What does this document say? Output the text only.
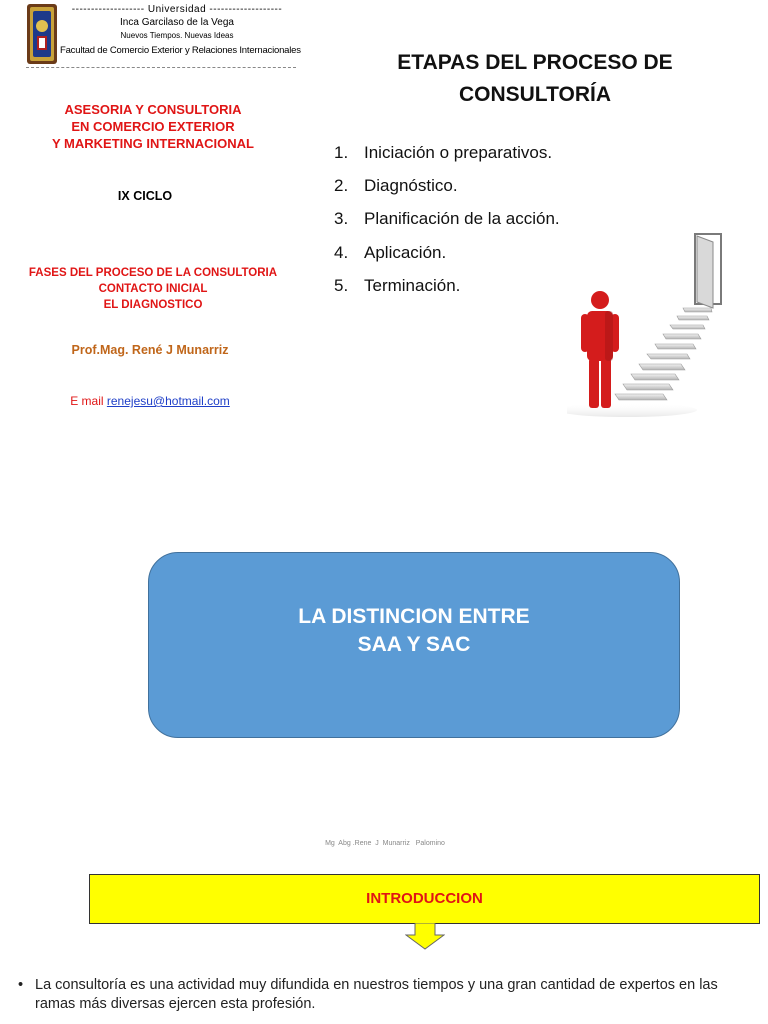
------------------- Universidad -------------------
Inca Garcilaso de la Vega
Nuevos Tiempos. Nuevas Ideas
Facultad de Comercio Exterior y Relaciones Internacionales
ASESORIA Y CONSULTORIA
EN COMERCIO EXTERIOR
Y MARKETING INTERNACIONAL
IX CICLO
FASES DEL PROCESO DE LA CONSULTORIA
CONTACTO INICIAL
EL DIAGNOSTICO
Prof.Mag. René J Munarriz
E mail renejesu@hotmail.com
ETAPAS DEL PROCESO DE
CONSULTORÍA
1. Iniciación o preparativos.
2. Diagnóstico.
3. Planificación de la acción.
4. Aplicación.
5. Terminación.
LA DISTINCION ENTRE
SAA Y SAC
Mg  Abg .Rene  J  Munarriz   Palomino
INTRODUCCION
• La consultoría es una actividad muy difundida en nuestros tiempos y una gran cantidad de expertos en las ramas más diversas ejercen esta profesión.
